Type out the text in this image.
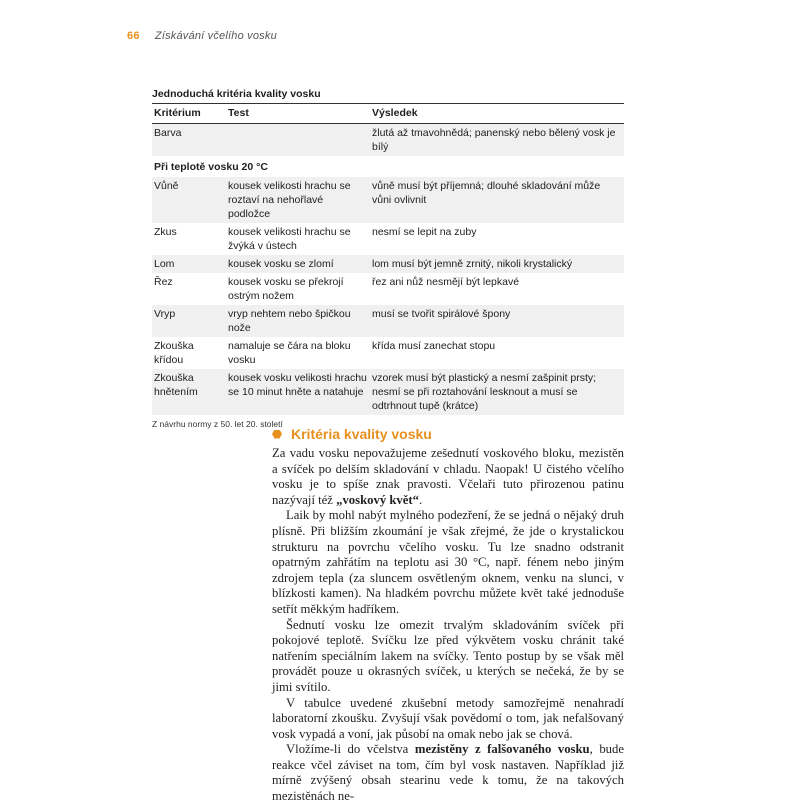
66 Získávání včelího vosku
Jednoduchá kritéria kvality vosku
Kritérium	Test	Výsledek
Barva		žlutá až tmavohnědá; panenský nebo bělený vosk je bílý
Při teplotě vosku 20 °C		
Vůně	kousek velikosti hrachu se roztaví na nehořlavé podložce	vůně musí být příjemná; dlouhé skladování může vůni ovlivnit
Zkus	kousek velikosti hrachu se žvýká v ústech	nesmí se lepit na zuby
Lom	kousek vosku se zlomí	lom musí být jemně zrnitý, nikoli krystalický
Řez	kousek vosku se překrojí ostrým nožem	řez ani nůž nesmějí být lepkavé
Vryp	vryp nehtem nebo špičkou nože	musí se tvořit spirálové špony
Zkouška křídou	namaluje se čára na bloku vosku	křída musí zanechat stopu
Zkouška hnětením	kousek vosku velikosti hrachu se 10 minut hněte a natahuje	vzorek musí být plastický a nesmí zašpinit prsty; nesmí se při roztahování lesknout a musí se odtrhnout tupě (krátce)
Z návrhu normy z 50. let 20. století
Kritéria kvality vosku

Za vadu vosku nepovažujeme zešednutí voskového bloku, mezistěn a svíček po delším skladování v chladu. Naopak! U čistého včelího vosku je to spíše znak pravosti. Včelaři tuto přirozenou patinu nazývají též „voskový květ“.

Laik by mohl nabýt mylného podezření, že se jedná o nějaký druh plísně. Při bližším zkoumání je však zřejmé, že jde o krystalickou strukturu na povrchu včelího vosku. Tu lze snadno odstranit opatrným zahřátím na teplotu asi 30 °C, např. fénem nebo jiným zdrojem tepla (za sluncem osvětleným oknem, venku na slunci, v blízkosti kamen). Na hladkém povrchu můžete květ také jednoduše setřít měkkým hadříkem.

Šednutí vosku lze omezit trvalým skladováním svíček při pokojové teplotě. Svíčku lze před výkvětem vosku chránit také natřením speciálním lakem na svíčky. Tento postup by se však měl provádět pouze u okrasných svíček, u kterých se nečeká, že by se jimi svítilo.

V tabulce uvedené zkušební metody samozřejmě nenahradí laboratorní zkoušku. Zvyšují však povědomí o tom, jak nefalšovaný vosk vypadá a voní, jak působí na omak nebo jak se chová.

Vložíme-li do včelstva mezistěny z falšovaného vosku, bude reakce včel záviset na tom, čím byl vosk nastaven. Například již mírně zvýšený obsah stearinu vede k tomu, že na takových mezistěnách ne-
